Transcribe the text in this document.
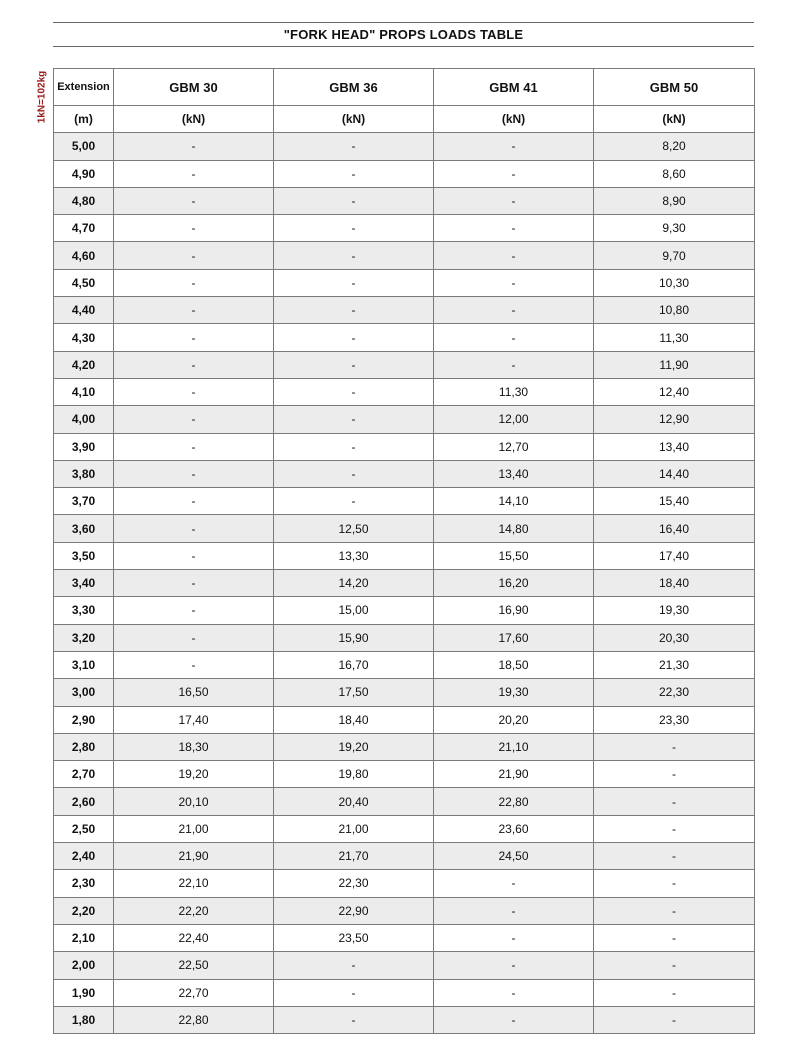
"FORK HEAD" PROPS LOADS TABLE
1kN=102kg Extension	GBM 30	GBM 36	GBM 41	GBM 50
(m)	(kN)	(kN)	(kN)	(kN)
5,00	-	-	-	8,20
4,90	-	-	-	8,60
4,80	-	-	-	8,90
4,70	-	-	-	9,30
4,60	-	-	-	9,70
4,50	-	-	-	10,30
4,40	-	-	-	10,80
4,30	-	-	-	11,30
4,20	-	-	-	11,90
4,10	-	-	11,30	12,40
4,00	-	-	12,00	12,90
3,90	-	-	12,70	13,40
3,80	-	-	13,40	14,40
3,70	-	-	14,10	15,40
3,60	-	12,50	14,80	16,40
3,50	-	13,30	15,50	17,40
3,40	-	14,20	16,20	18,40
3,30	-	15,00	16,90	19,30
3,20	-	15,90	17,60	20,30
3,10	-	16,70	18,50	21,30
3,00	16,50	17,50	19,30	22,30
2,90	17,40	18,40	20,20	23,30
2,80	18,30	19,20	21,10	-
2,70	19,20	19,80	21,90	-
2,60	20,10	20,40	22,80	-
2,50	21,00	21,00	23,60	-
2,40	21,90	21,70	24,50	-
2,30	22,10	22,30	-	-
2,20	22,20	22,90	-	-
2,10	22,40	23,50	-	-
2,00	22,50	-	-	-
1,90	22,70	-	-	-
1,80	22,80	-	-	-
